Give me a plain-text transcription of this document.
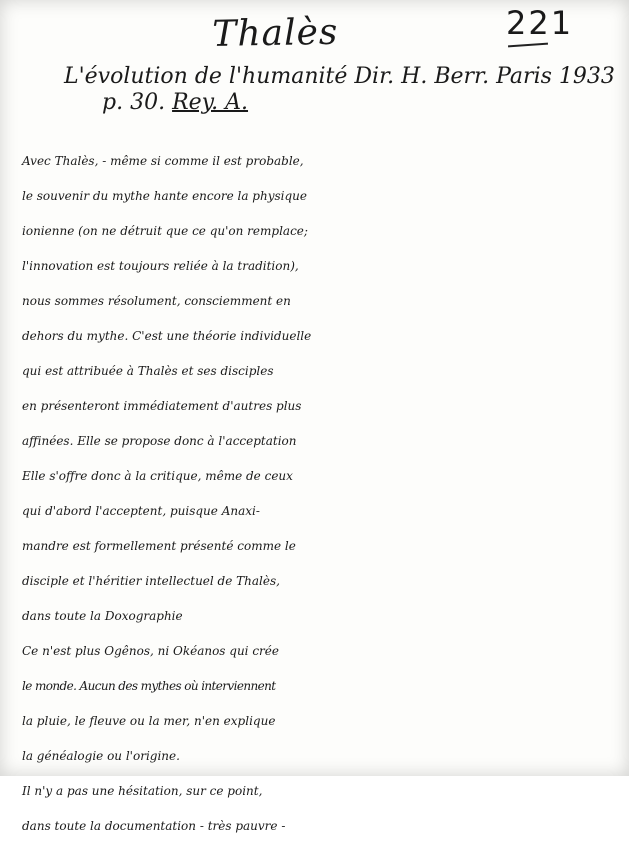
Thalès	221
L'évolution de l'humanité Dir. H. Berr. Paris 1933
p. 30. Rey. A.
Avec Thalès, - même si comme il est probable,
le souvenir du mythe hante encore la physique
ionienne (on ne détruit que ce qu'on remplace;
l'innovation est toujours reliée à la tradition),
nous sommes résolument, consciemment en
dehors du mythe. C'est une théorie individuelle
qui est attribuée à Thalès et ses disciples
en présenteront immédiatement d'autres plus
affinées. Elle se propose donc à l'acceptation
Elle s'offre donc à la critique, même de ceux
qui d'abord l'acceptent, puisque Anaxi-
mandre est formellement présenté comme le
disciple et l'héritier intellectuel de Thalès,
dans toute la Doxographie
Ce n'est plus Ogênos, ni Okéanos qui crée
le monde. Aucun des mythes où interviennent
la pluie, le fleuve ou la mer, n'en explique
la généalogie ou l'origine.
Il n'y a pas une hésitation, sur ce point,
dans toute la documentation - très pauvre -
